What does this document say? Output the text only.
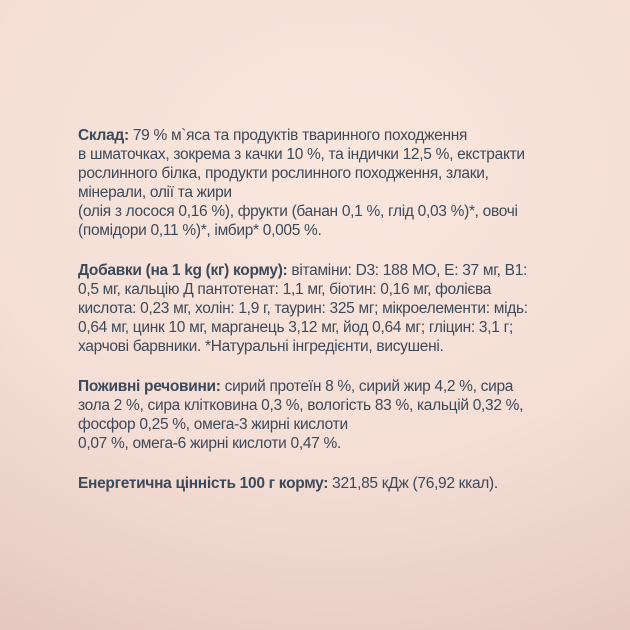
Склад: 79 % м`яса та продуктів тваринного походження
в шматочках, зокрема з качки 10 %, та індички 12,5 %, екстракти
рослинного білка, продукти рослинного походження, злаки,
мінерали, олії та жири
(олія з лосося 0,16 %), фрукти (банан 0,1 %, глід 0,03 %)*, овочі
(помідори 0,11 %)*, імбир* 0,005 %.
Добавки (на 1 kg (кг) корму): вітаміни: D3: 188 МО, Е: 37 мг, В1:
0,5 мг, кальцію Д пантотенат: 1,1 мг, біотин: 0,16 мг, фолієва
кислота: 0,23 мг, холін: 1,9 г, таурин: 325 мг; мікроелементи: мідь:
0,64 мг, цинк 10 мг, марганець 3,12 мг, йод 0,64 мг; гліцин: 3,1 г;
харчові барвники. *Натуральні інгредієнти, висушені.
Поживні речовини: сирий протеїн 8 %, сирий жир 4,2 %, сира
зола 2 %, сира клітковина 0,3 %, вологість 83 %, кальцій 0,32 %,
фосфор 0,25 %, омега-3 жирні кислоти
0,07 %, омега-6 жирні кислоти 0,47 %.
Енергетична цінність 100 г корму: 321,85 кДж (76,92 ккал).
